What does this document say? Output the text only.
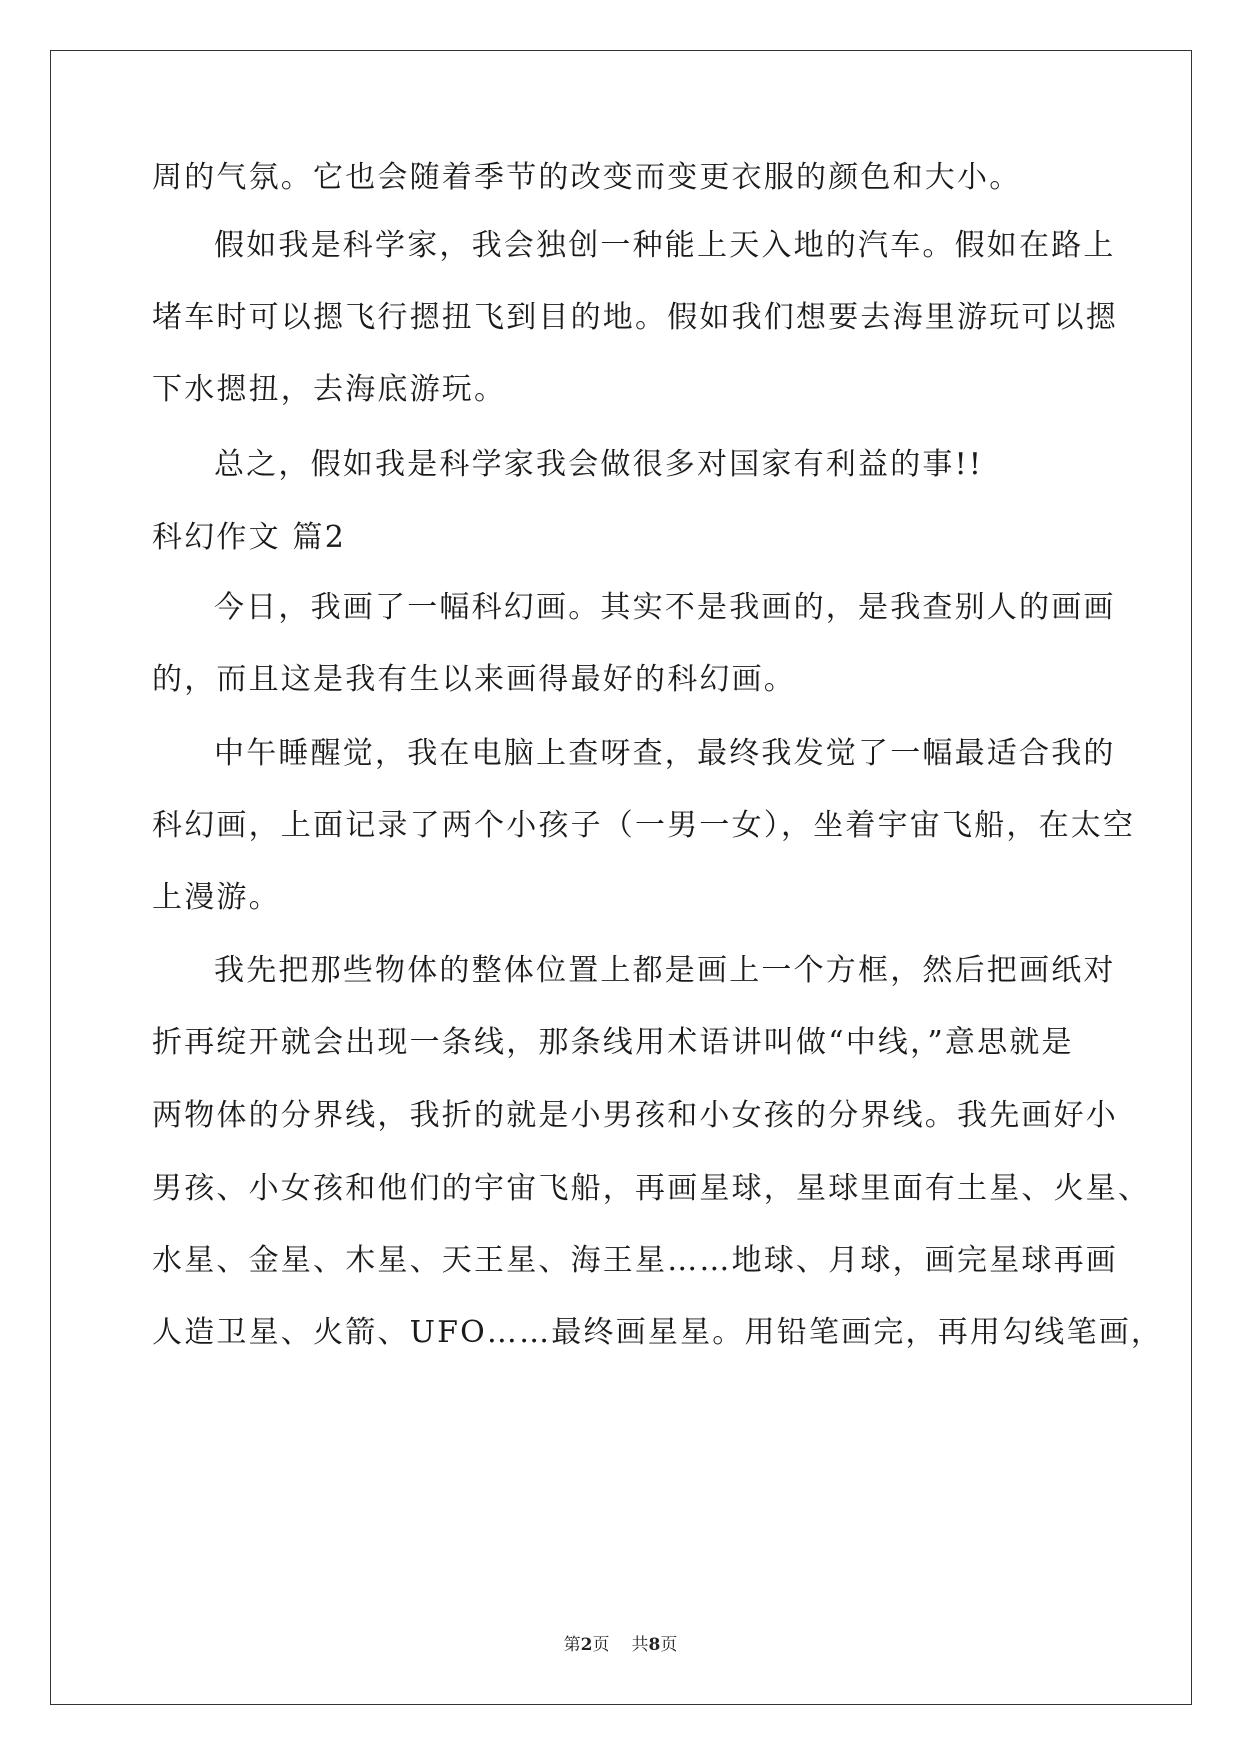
周的气氛。它也会随着季节的改变而变更衣服的颜色和大小。
假如我是科学家，我会独创一种能上天入地的汽车。假如在路上
堵车时可以摁飞行摁扭飞到目的地。假如我们想要去海里游玩可以摁
下水摁扭，去海底游玩。
总之，假如我是科学家我会做很多对国家有利益的事!!
科幻作文 篇2
今日，我画了一幅科幻画。其实不是我画的，是我查别人的画画
的，而且这是我有生以来画得最好的科幻画。
中午睡醒觉，我在电脑上查呀查，最终我发觉了一幅最适合我的
科幻画，上面记录了两个小孩子（一男一女），坐着宇宙飞船，在太空
上漫游。
我先把那些物体的整体位置上都是画上一个方框，然后把画纸对
折再绽开就会出现一条线，那条线用术语讲叫做“中线，”意思就是
两物体的分界线，我折的就是小男孩和小女孩的分界线。我先画好小
男孩、小女孩和他们的宇宙飞船，再画星球，星球里面有土星、火星、
水星、金星、木星、天王星、海王星……地球、月球，画完星球再画
人造卫星、火箭、UFO……最终画星星。用铅笔画完，再用勾线笔画，
第2页 共8页
